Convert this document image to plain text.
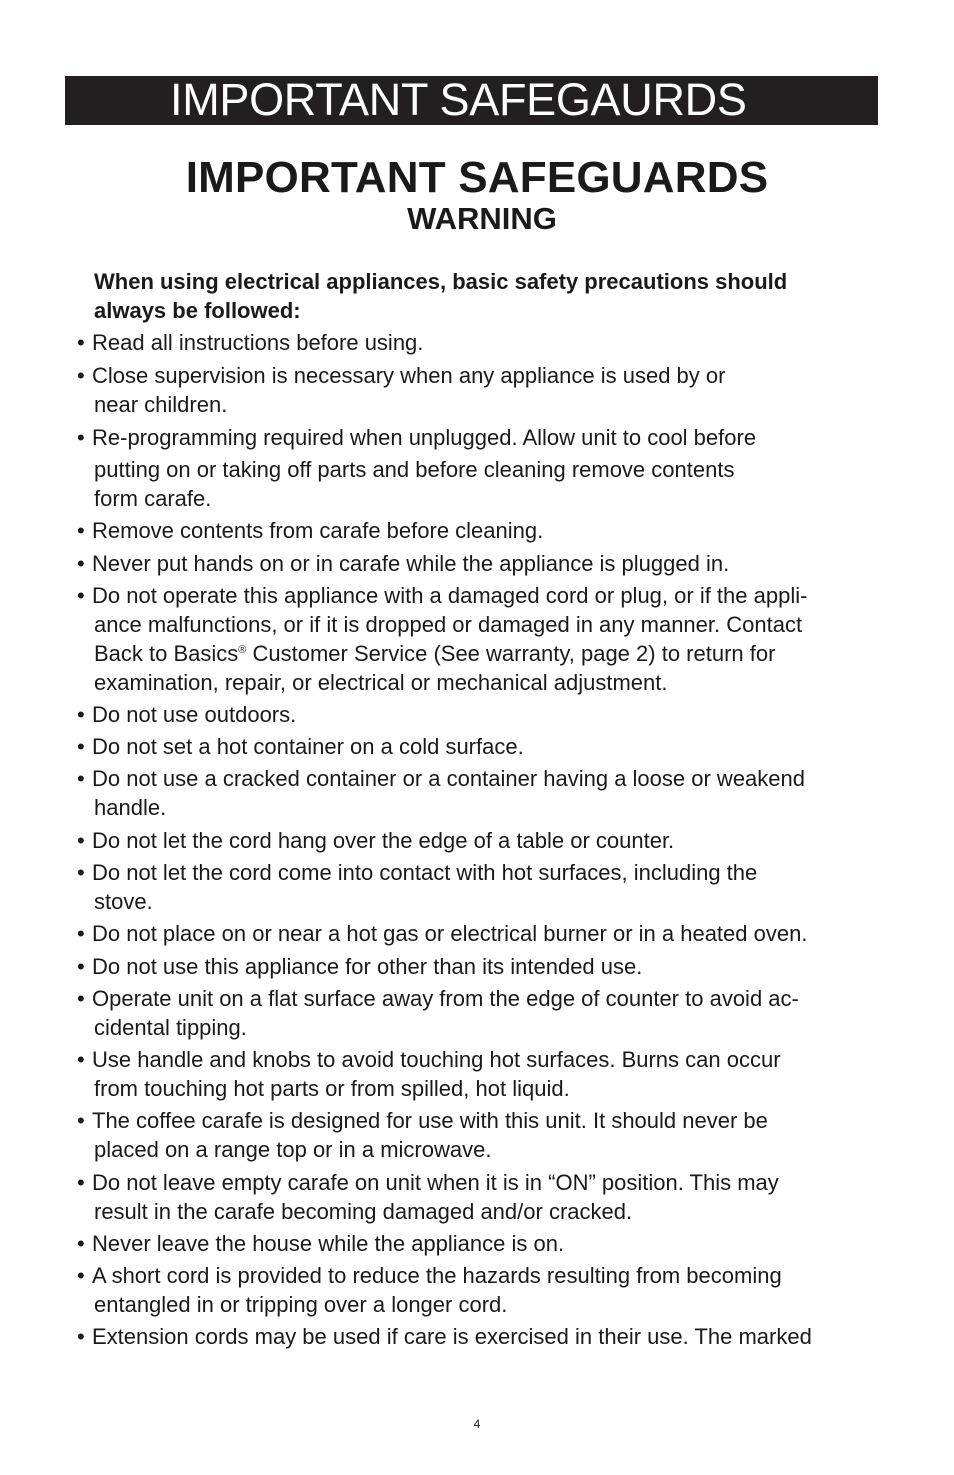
IMPORTANT SAFEGAURDS
IMPORTANT SAFEGUARDS
WARNING
When using electrical appliances, basic safety precautions should
always be followed:
• Read all instructions before using.
• Close supervision is necessary when any appliance is used by or
near children.
• Re-programming required when unplugged. Allow unit to cool before
putting on or taking off parts and before cleaning remove contents
form carafe.
• Remove contents from carafe before cleaning.
• Never put hands on or in carafe while the appliance is plugged in.
• Do not operate this appliance with a damaged cord or plug, or if the appli-
ance malfunctions, or if it is dropped or damaged in any manner. Contact
Back to Basics® Customer Service (See warranty, page 2) to return for
examination, repair, or electrical or mechanical adjustment.
• Do not use outdoors.
• Do not set a hot container on a cold surface.
• Do not use a cracked container or a container having a loose or weakend
handle.
• Do not let the cord hang over the edge of a table or counter.
• Do not let the cord come into contact with hot surfaces, including the
stove.
• Do not place on or near a hot gas or electrical burner or in a heated oven.
• Do not use this appliance for other than its intended use.
• Operate unit on a flat surface away from the edge of counter to avoid ac-
cidental tipping.
• Use handle and knobs to avoid touching hot surfaces. Burns can occur
from touching hot parts or from spilled, hot liquid.
• The coffee carafe is designed for use with this unit. It should never be
placed on a range top or in a microwave.
• Do not leave empty carafe on unit when it is in “ON” position. This may
result in the carafe becoming damaged and/or cracked.
• Never leave the house while the appliance is on.
• A short cord is provided to reduce the hazards resulting from becoming
entangled in or tripping over a longer cord.
• Extension cords may be used if care is exercised in their use. The marked
4
